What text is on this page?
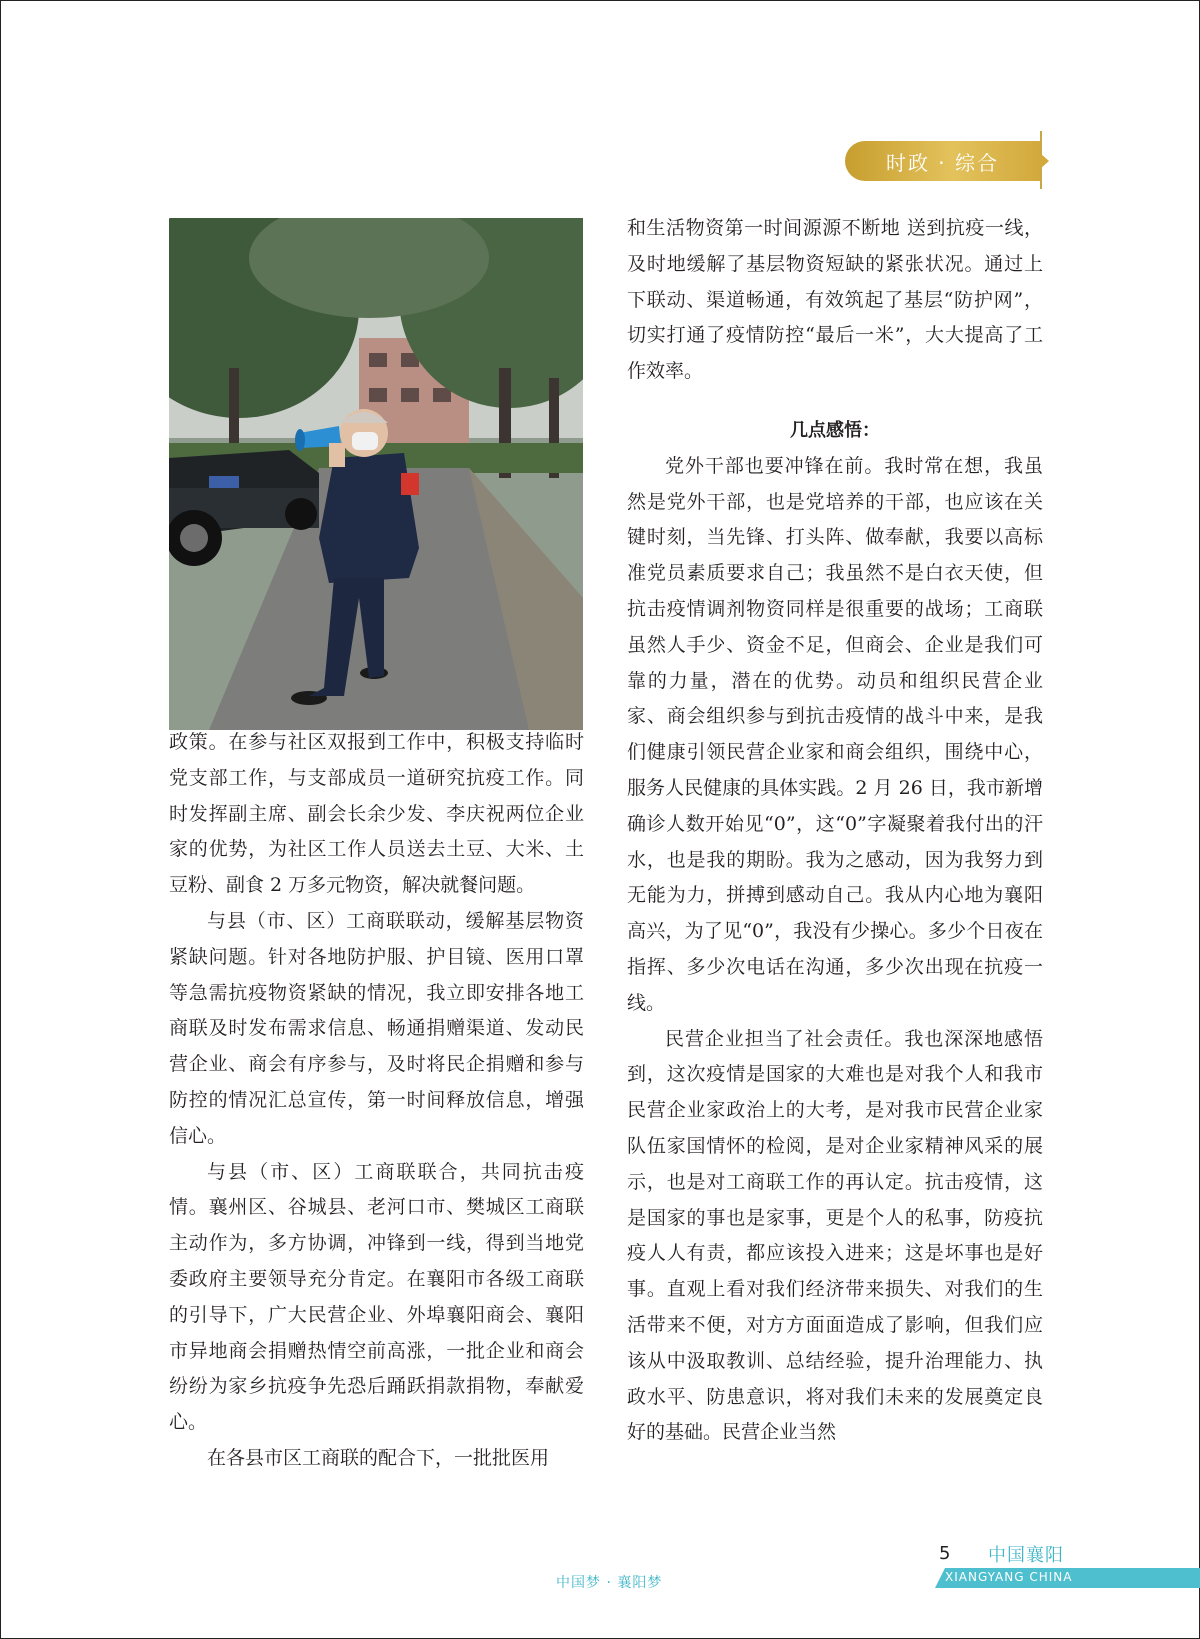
时政 · 综合

政策。在参与社区双报到工作中，积极支持临时党支部工作，与支部成员一道研究抗疫工作。同时发挥副主席、副会长余少发、李庆祝两位企业家的优势，为社区工作人员送去土豆、大米、土豆粉、副食 2 万多元物资，解决就餐问题。

与县（市、区）工商联联动，缓解基层物资紧缺问题。针对各地防护服、护目镜、医用口罩等急需抗疫物资紧缺的情况，我立即安排各地工商联及时发布需求信息、畅通捐赠渠道、发动民营企业、商会有序参与，及时将民企捐赠和参与防控的情况汇总宣传，第一时间释放信息，增强信心。

与县（市、区）工商联联合，共同抗击疫情。襄州区、谷城县、老河口市、樊城区工商联主动作为，多方协调，冲锋到一线，得到当地党委政府主要领导充分肯定。在襄阳市各级工商联的引导下，广大民营企业、外埠襄阳商会、襄阳市异地商会捐赠热情空前高涨，一批企业和商会纷纷为家乡抗疫争先恐后踊跃捐款捐物，奉献爱心。

在各县市区工商联的配合下，一批批医用

和生活物资第一时间源源不断地 送到抗疫一线，及时地缓解了基层物资短缺的紧张状况。通过上下联动、渠道畅通，有效筑起了基层“防护网”，切实打通了疫情防控“最后一米”，大大提高了工作效率。

几点感悟：

党外干部也要冲锋在前。我时常在想，我虽然是党外干部，也是党培养的干部，也应该在关键时刻，当先锋、打头阵、做奉献，我要以高标准党员素质要求自己；我虽然不是白衣天使，但抗击疫情调剂物资同样是很重要的战场；工商联虽然人手少、资金不足，但商会、企业是我们可靠的力量，潜在的优势。动员和组织民营企业家、商会组织参与到抗击疫情的战斗中来，是我们健康引领民营企业家和商会组织，围绕中心，服务人民健康的具体实践。2 月 26 日，我市新增确诊人数开始见“0”，这“0”字凝聚着我付出的汗水，也是我的期盼。我为之感动，因为我努力到无能为力，拼搏到感动自己。我从内心地为襄阳高兴，为了见“0”，我没有少操心。多少个日夜在指挥、多少次电话在沟通，多少次出现在抗疫一线。

民营企业担当了社会责任。我也深深地感悟到，这次疫情是国家的大难也是对我个人和我市民营企业家政治上的大考，是对我市民营企业家队伍家国情怀的检阅，是对企业家精神风采的展示，也是对工商联工作的再认定。抗击疫情，这是国家的事也是家事，更是个人的私事，防疫抗疫人人有责，都应该投入进来；这是坏事也是好事。直观上看对我们经济带来损失、对我们的生活带来不便，对方方面面造成了影响，但我们应该从中汲取教训、总结经验，提升治理能力、执政水平、防患意识，将对我们未来的发展奠定良好的基础。民营企业当然

5 中国襄阳
XIANGYANG CHINA
中国梦 · 襄阳梦
